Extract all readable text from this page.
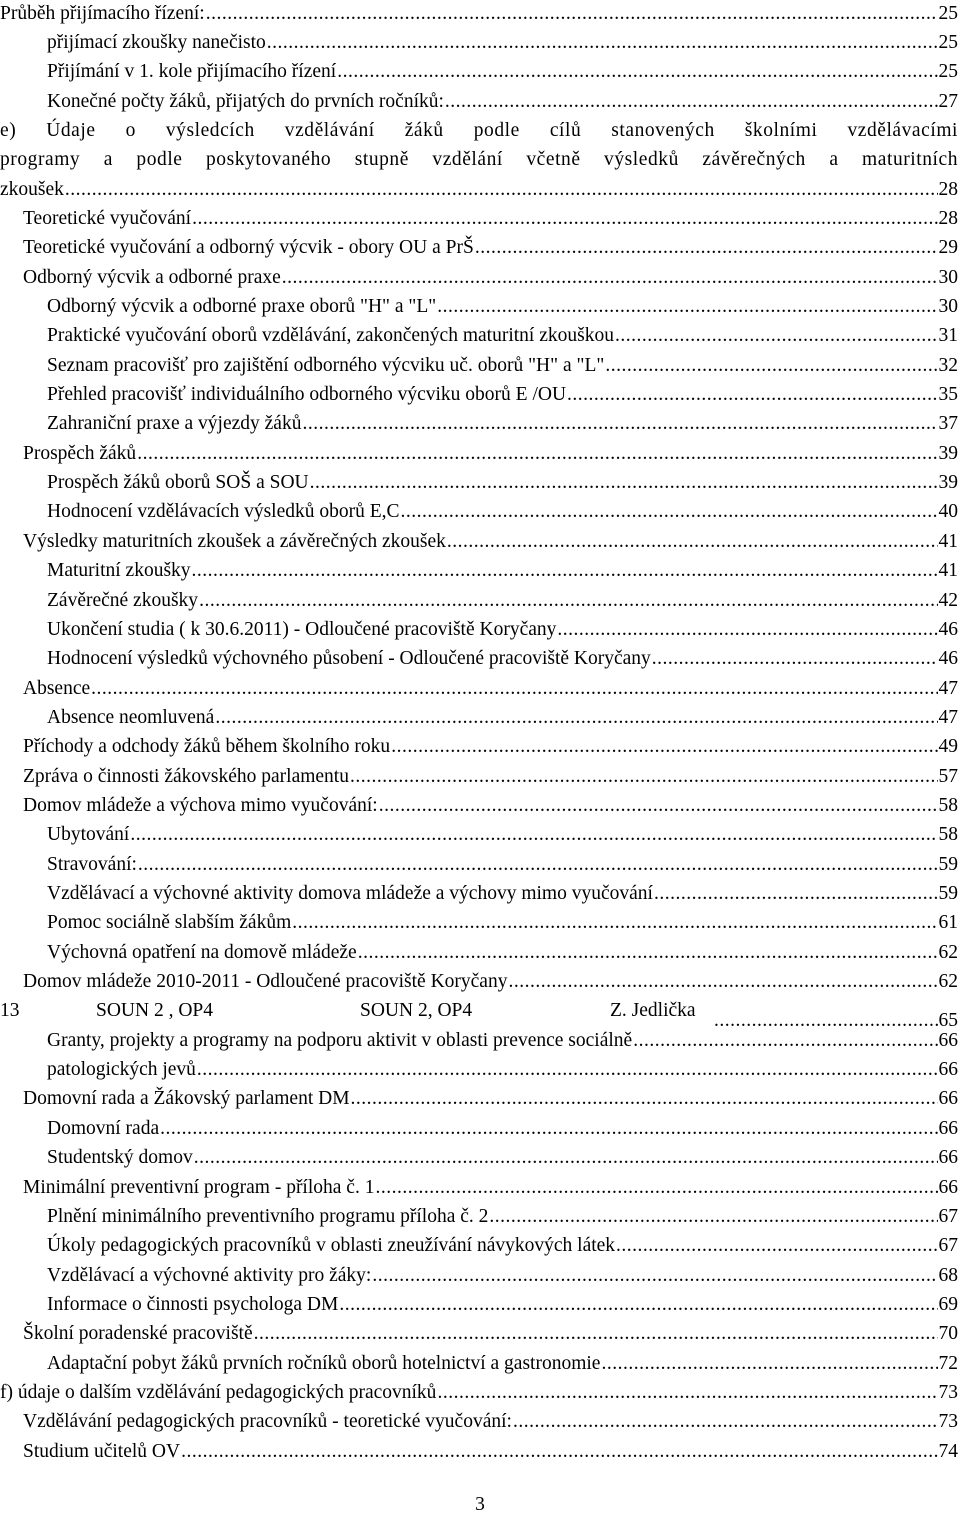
Průběh přijímacího řízení: .....	25
přijímací zkoušky nanečisto .....	25
Přijímání v 1. kole přijímacího řízení .....	25
Konečné počty žáků, přijatých do prvních ročníků: .....	27
e) Údaje o výsledcích vzdělávání žáků podle cílů stanovených školními vzdělávacími
programy a podle poskytovaného stupně vzdělání včetně výsledků závěrečných a maturitních
zkoušek .....	28
Teoretické vyučování .....	28
Teoretické vyučování a odborný výcvik - obory OU a PrŠ .....	29
Odborný výcvik a odborné praxe .....	30
Odborný výcvik a odborné praxe oborů "H" a "L" .....	30
Praktické vyučování oborů vzdělávání, zakončených maturitní zkouškou .....	31
Seznam pracovišť pro zajištění odborného výcviku uč. oborů "H" a "L" .....	32
Přehled pracovišť individuálního odborného výcviku oborů E /OU .....	35
Zahraniční praxe a výjezdy žáků .....	37
Prospěch žáků .....	39
Prospěch žáků oborů SOŠ a SOU .....	39
Hodnocení vzdělávacích výsledků oborů E,C .....	40
Výsledky maturitních zkoušek a závěrečných zkoušek .....	41
Maturitní zkoušky .....	41
Závěrečné zkoušky .....	42
Ukončení studia ( k 30.6.2011) - Odloučené pracoviště Koryčany .....	46
Hodnocení výsledků výchovného působení - Odloučené pracoviště Koryčany .....	46
Absence .....	47
Absence neomluvená .....	47
Příchody a odchody žáků během školního roku .....	49
Zpráva o činnosti žákovského parlamentu .....	57
Domov mládeže a výchova mimo vyučování: .....	58
Ubytování .....	58
Stravování: .....	59
Vzdělávací a výchovné aktivity domova mládeže a výchovy mimo vyučování .....	59
Pomoc sociálně slabším žákům .....	61
Výchovná opatření na domově mládeže .....	62
Domov mládeže 2010-2011 - Odloučené pracoviště Koryčany .....	62
13	SOUN 2 , OP4	SOUN 2, OP4	Z. Jedlička .....	65
Granty, projekty a programy na podporu aktivit v oblasti prevence sociálně .....	66
patologických jevů .....	66
Domovní rada a Žákovský parlament DM .....	66
Domovní rada .....	66
Studentský domov .....	66
Minimální preventivní program - příloha č. 1 .....	66
Plnění minimálního preventivního programu příloha č. 2 .....	67
Úkoly pedagogických pracovníků v oblasti zneužívání návykových látek .....	67
Vzdělávací a výchovné aktivity pro žáky: .....	68
Informace o činnosti psychologa DM .....	69
Školní poradenské pracoviště .....	70
Adaptační pobyt žáků prvních ročníků oborů hotelnictví a gastronomie .....	72
f) údaje o dalším vzdělávání pedagogických pracovníků .....	73
Vzdělávání pedagogických pracovníků - teoretické vyučování: .....	73
Studium učitelů OV .....	74
3
